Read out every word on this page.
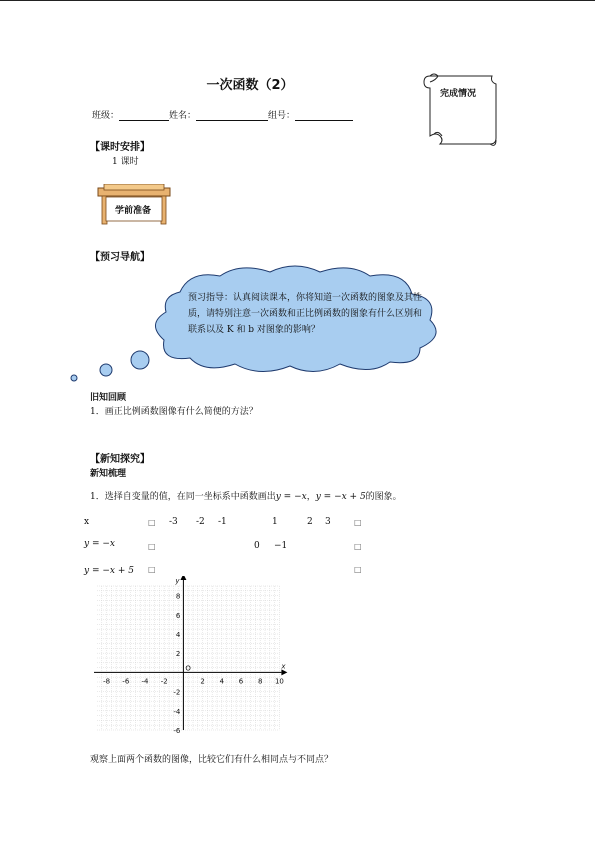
一次函数（2）
班级：	姓名：	组号：
完成情况
【课时安排】
1 课时
学前准备
【预习导航】
预习指导：认真阅读课本，你将知道一次函数的图象及其性质，请特别注意一次函数和正比例函数的图象有什么区别和联系以及 K 和 b 对图象的影响？
旧知回顾
1．画正比例函数图像有什么简便的方法？
【新知探究】
新知梳理
1．选择自变量的值，在同一坐标系中函数画出y = −x，y = −x + 5的图象。
x	□ -3 -2 -1	1	2 3	□
y = −x	□	0 −1	□
y = −x + 5 □	□
-8 -6 -4 -2	2 4 6 8 10
8
6
4
2
-2
-4
-6
O	x
y
观察上面两个函数的图像，比较它们有什么相同点与不同点？
